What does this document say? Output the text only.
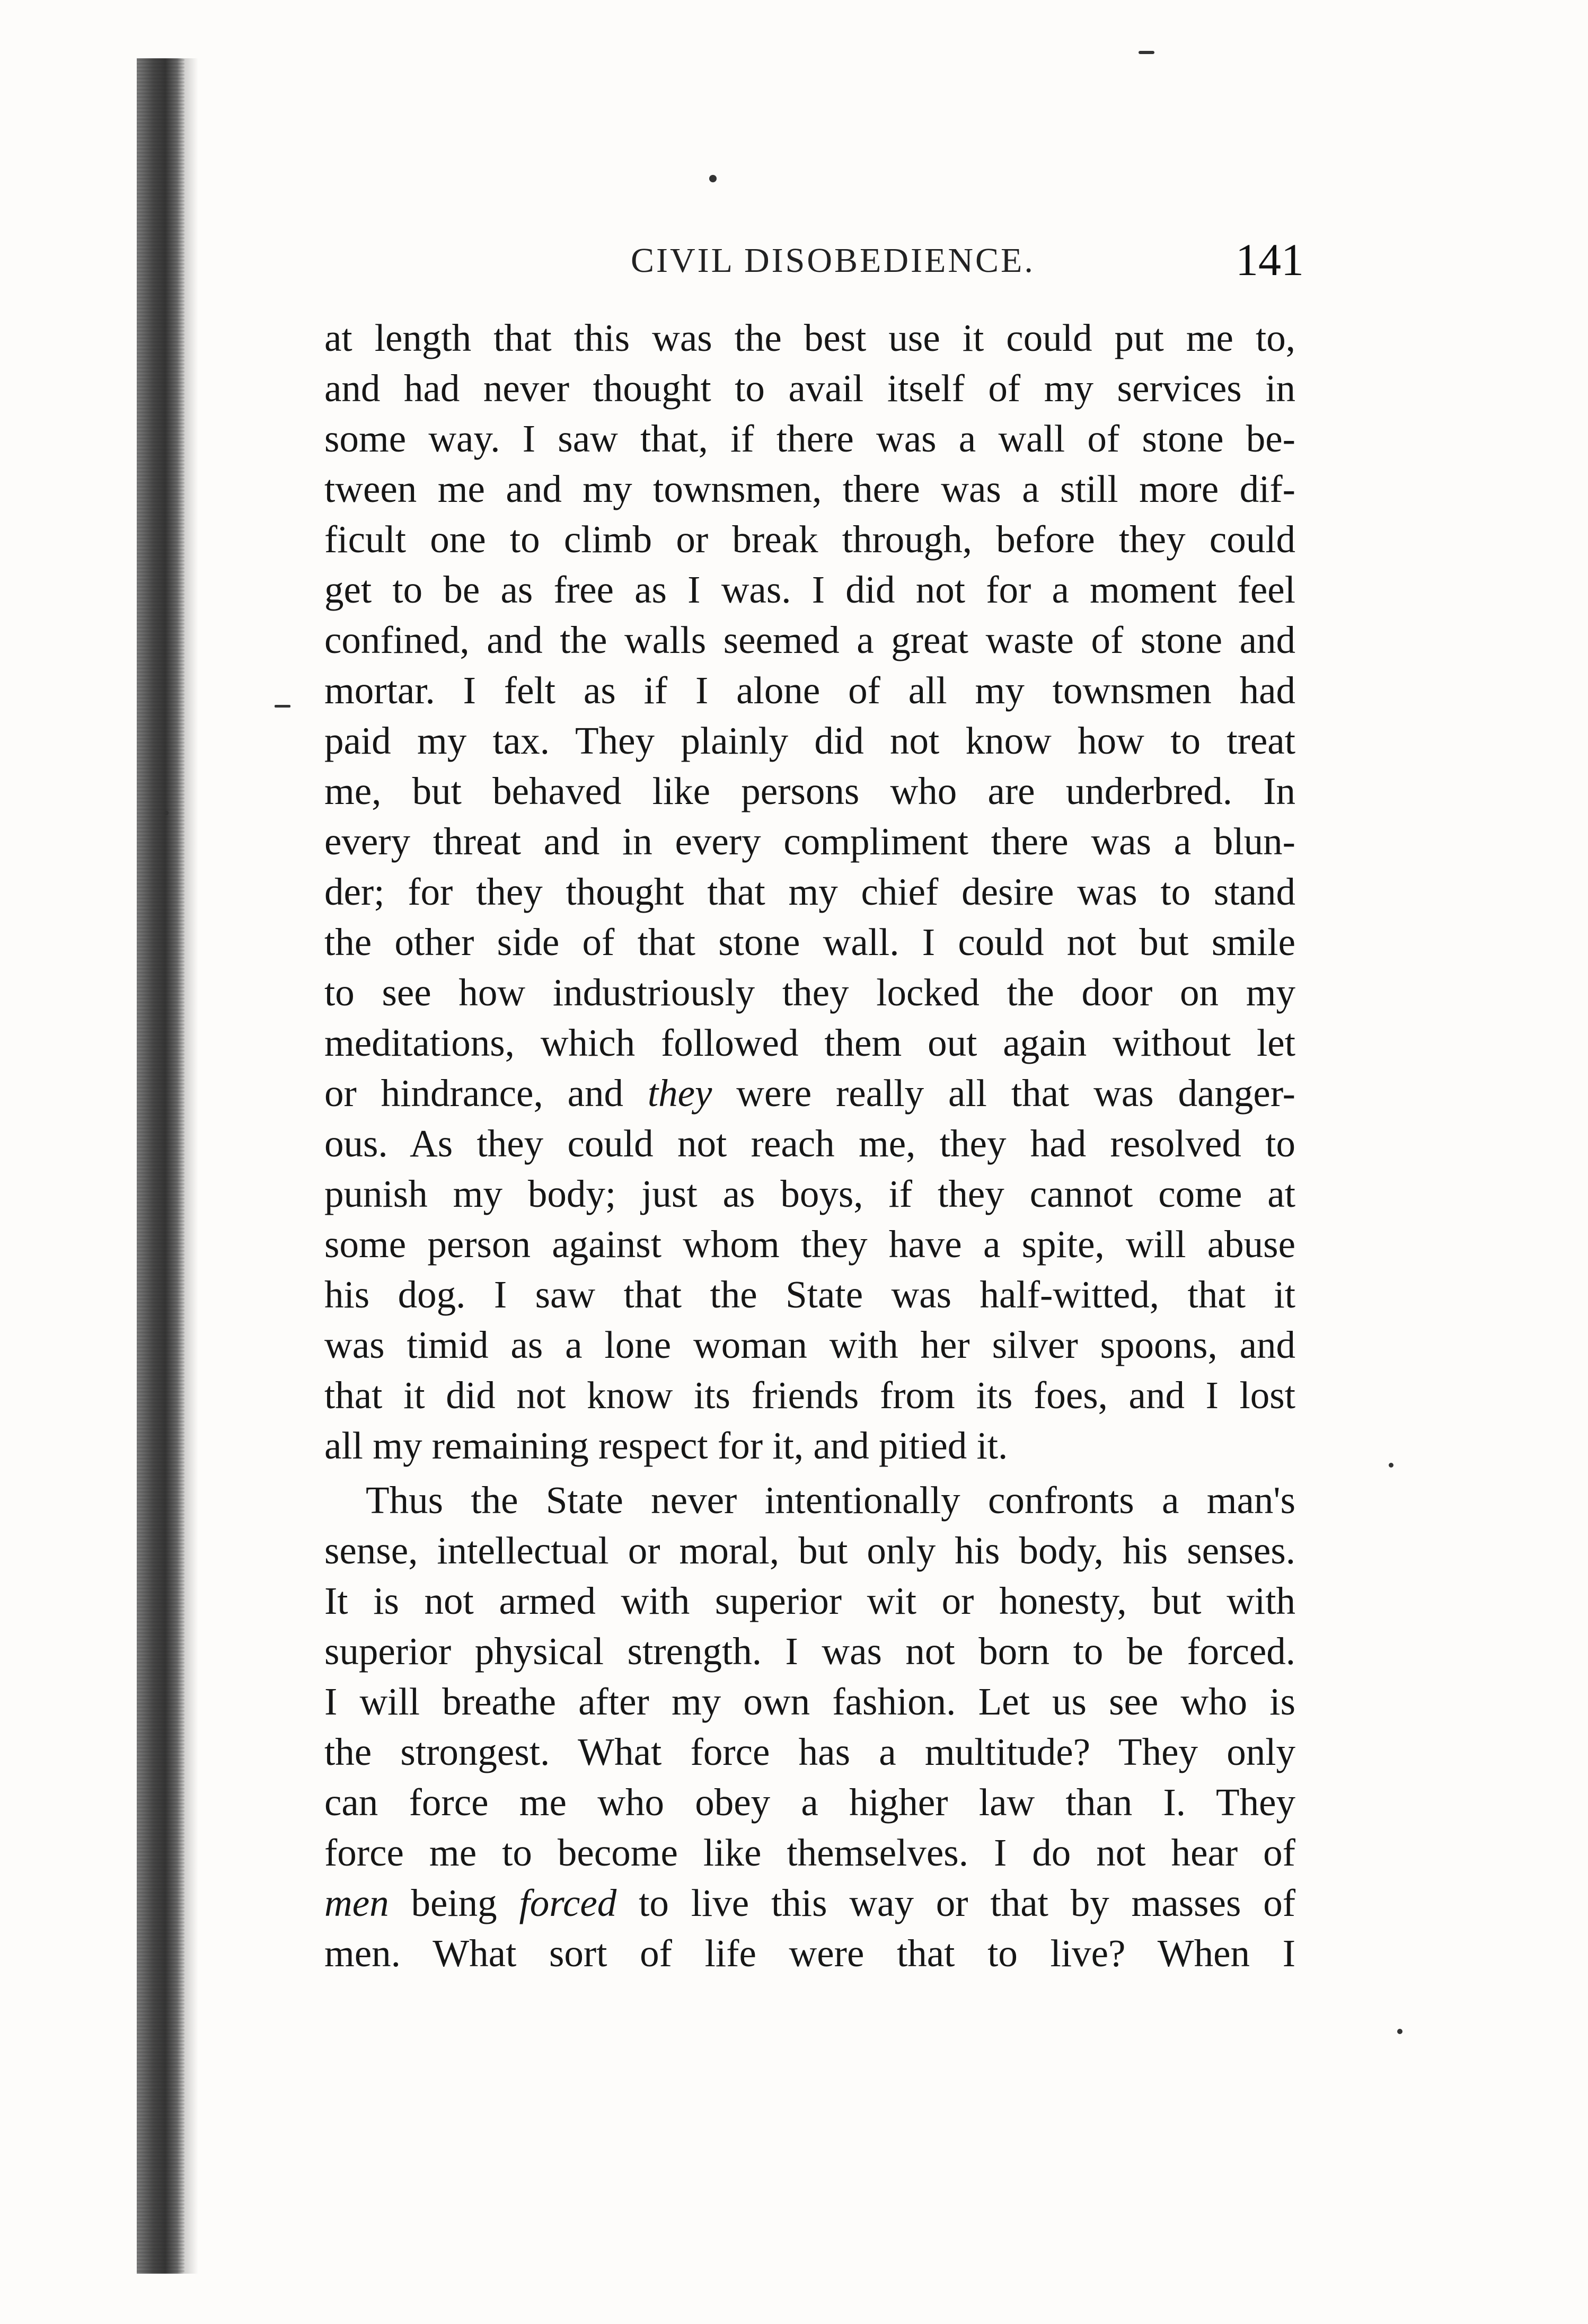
CIVIL DISOBEDIENCE.	141
at length that this was the best use it could put me to,
and had never thought to avail itself of my services in
some way. I saw that, if there was a wall of stone be-
tween me and my townsmen, there was a still more dif-
ficult one to climb or break through, before they could
get to be as free as I was. I did not for a moment feel
confined, and the walls seemed a great waste of stone and
mortar. I felt as if I alone of all my townsmen had
paid my tax. They plainly did not know how to treat
me, but behaved like persons who are underbred. In
every threat and in every compliment there was a blun-
der; for they thought that my chief desire was to stand
the other side of that stone wall. I could not but smile
to see how industriously they locked the door on my
meditations, which followed them out again without let
or hindrance, and they were really all that was danger-
ous. As they could not reach me, they had resolved to
punish my body; just as boys, if they cannot come at
some person against whom they have a spite, will abuse
his dog. I saw that the State was half-witted, that it
was timid as a lone woman with her silver spoons, and
that it did not know its friends from its foes, and I lost
all my remaining respect for it, and pitied it.
Thus the State never intentionally confronts a man's
sense, intellectual or moral, but only his body, his senses.
It is not armed with superior wit or honesty, but with
superior physical strength. I was not born to be forced.
I will breathe after my own fashion. Let us see who is
the strongest. What force has a multitude? They only
can force me who obey a higher law than I. They
force me to become like themselves. I do not hear of
men being forced to live this way or that by masses of
men. What sort of life were that to live? When I
